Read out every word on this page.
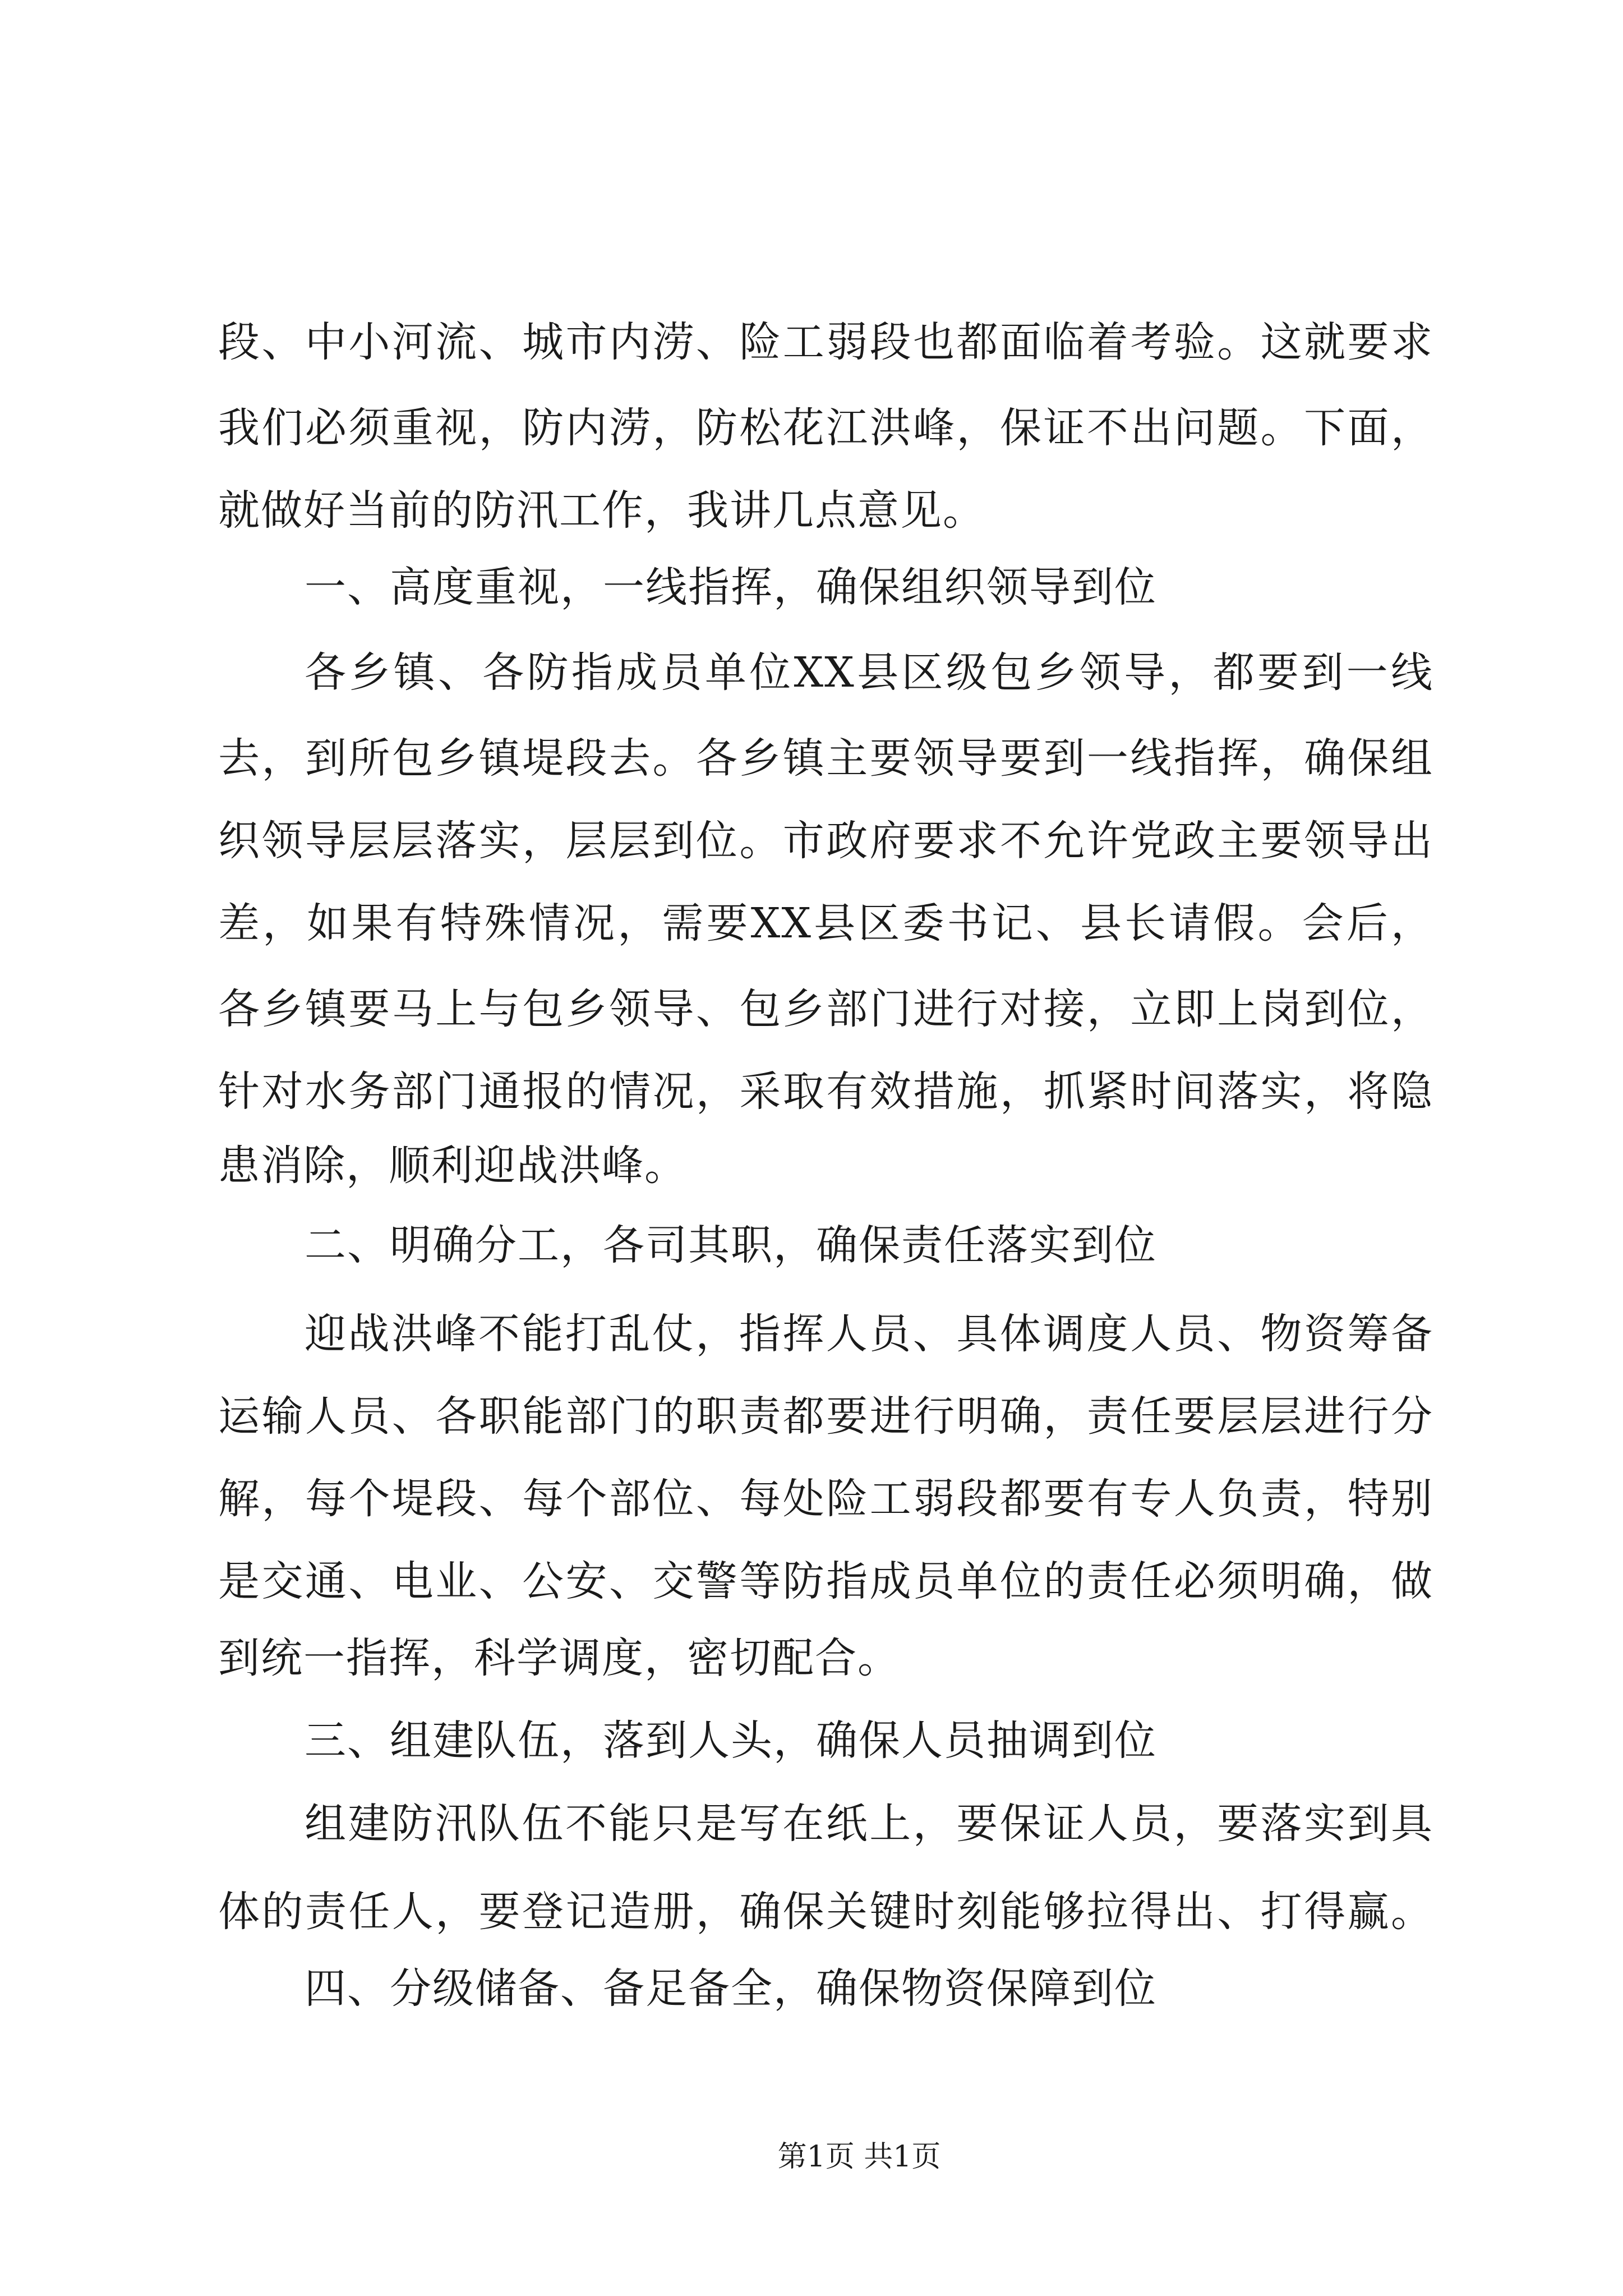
段、中小河流、城市内涝、险工弱段也都面临着考验。这就要求
我们必须重视，防内涝，防松花江洪峰，保证不出问题。下面，
就做好当前的防汛工作，我讲几点意见。
一、高度重视，一线指挥，确保组织领导到位
各乡镇、各防指成员单位XX县区级包乡领导，都要到一线
去，到所包乡镇堤段去。各乡镇主要领导要到一线指挥，确保组
织领导层层落实，层层到位。市政府要求不允许党政主要领导出
差，如果有特殊情况，需要XX县区委书记、县长请假。会后，
各乡镇要马上与包乡领导、包乡部门进行对接，立即上岗到位，
针对水务部门通报的情况，采取有效措施，抓紧时间落实，将隐
患消除，顺利迎战洪峰。
二、明确分工，各司其职，确保责任落实到位
迎战洪峰不能打乱仗，指挥人员、具体调度人员、物资筹备
运输人员、各职能部门的职责都要进行明确，责任要层层进行分
解，每个堤段、每个部位、每处险工弱段都要有专人负责，特别
是交通、电业、公安、交警等防指成员单位的责任必须明确，做
到统一指挥，科学调度，密切配合。
三、组建队伍，落到人头，确保人员抽调到位
组建防汛队伍不能只是写在纸上，要保证人员，要落实到具
体的责任人，要登记造册，确保关键时刻能够拉得出、打得赢。
四、分级储备、备足备全，确保物资保障到位
第1页 共1页
